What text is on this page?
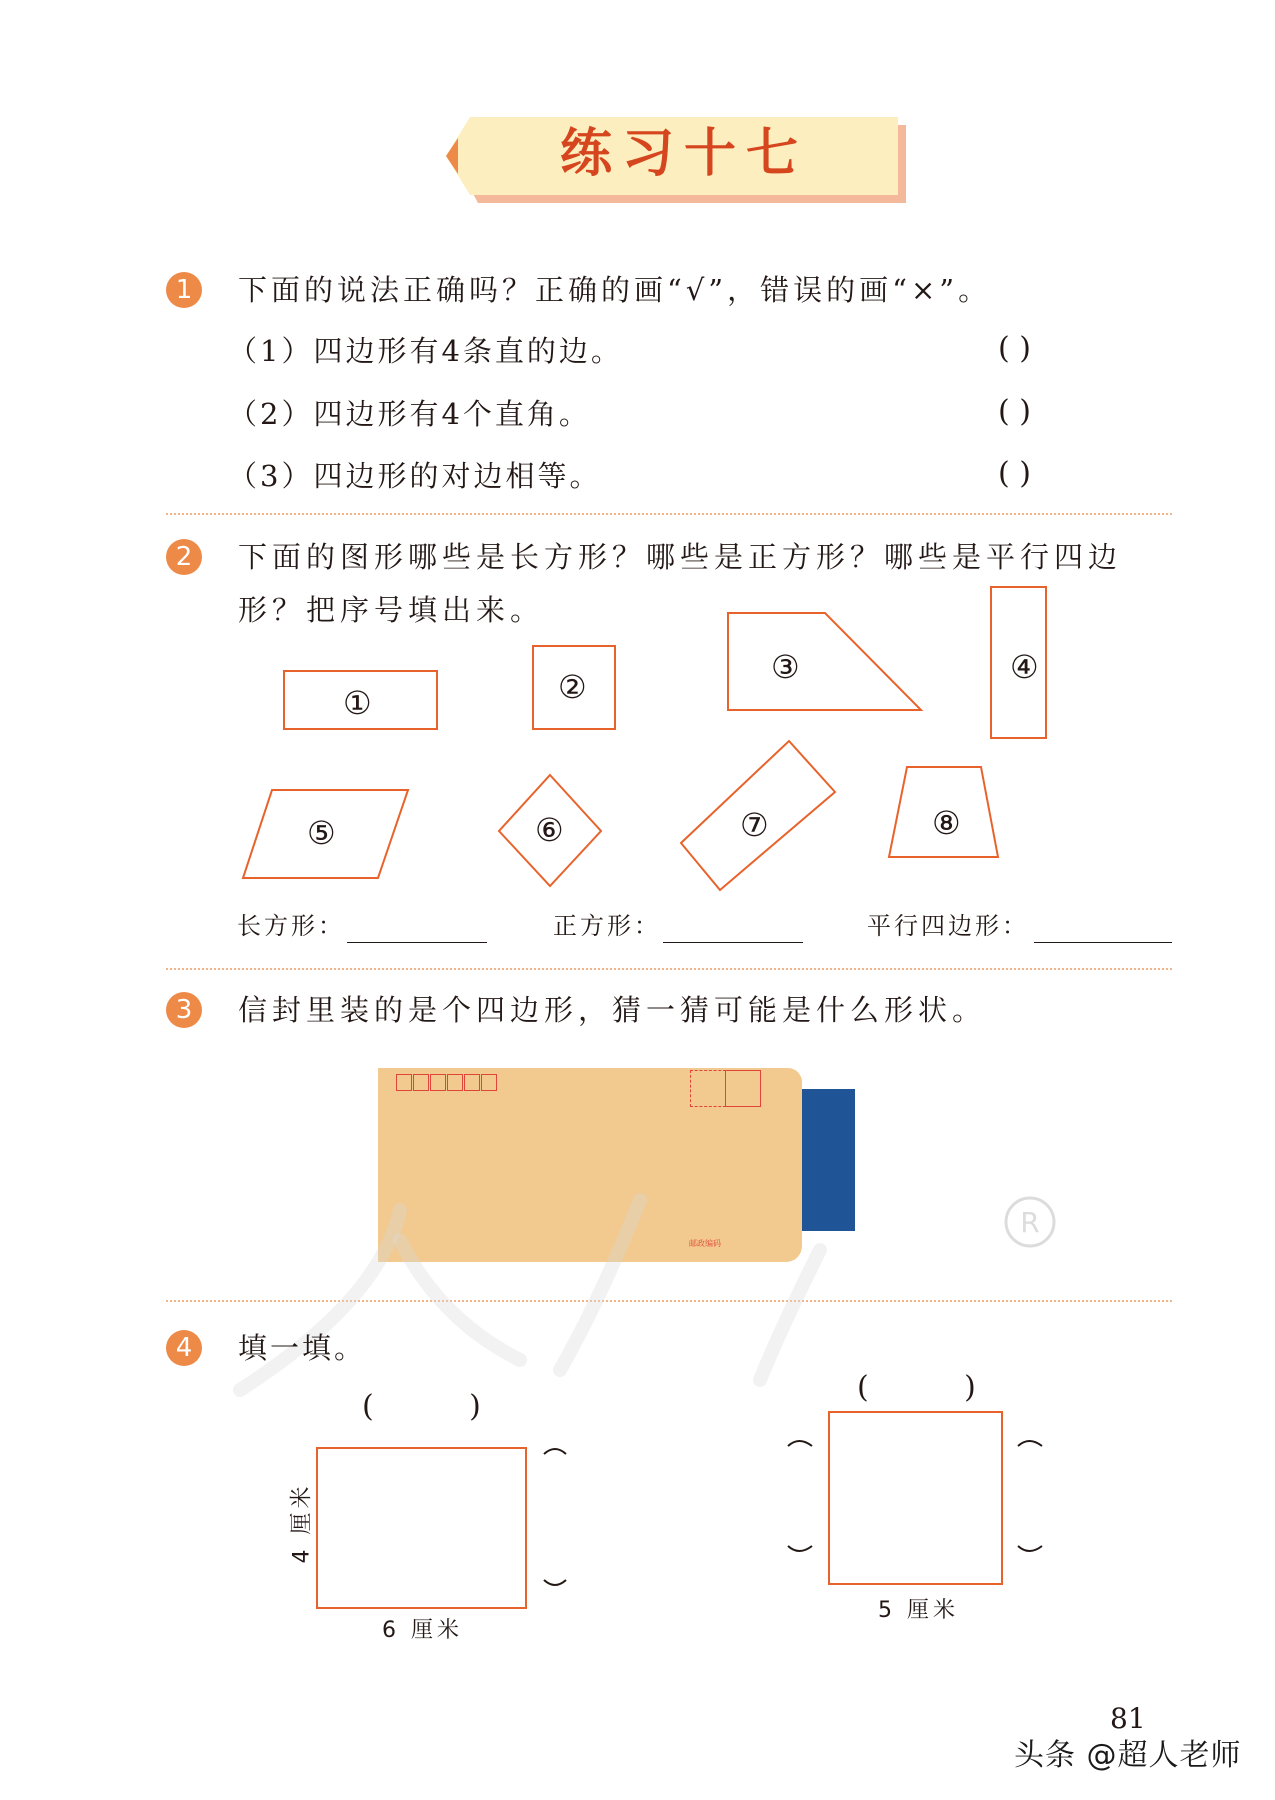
练习十七
1	下面的说法正确吗？正确的画“√”，错误的画“×”。
（1）四边形有4条直的边。	( )
（2）四边形有4个直角。	( )
（3）四边形的对边相等。	( )
2	下面的图形哪些是长方形？哪些是正方形？哪些是平行四边
形？把序号填出来。
①	②
③	④
⑤	⑥	⑦	⑧
长方形：	正方形：	平行四边形：
3	信封里装的是个四边形，猜一猜可能是什么形状。
邮政编码
R
4	填一填。
(          )
4 厘米
6 厘米
(          )
5 厘米
81
头条 @超人老师
